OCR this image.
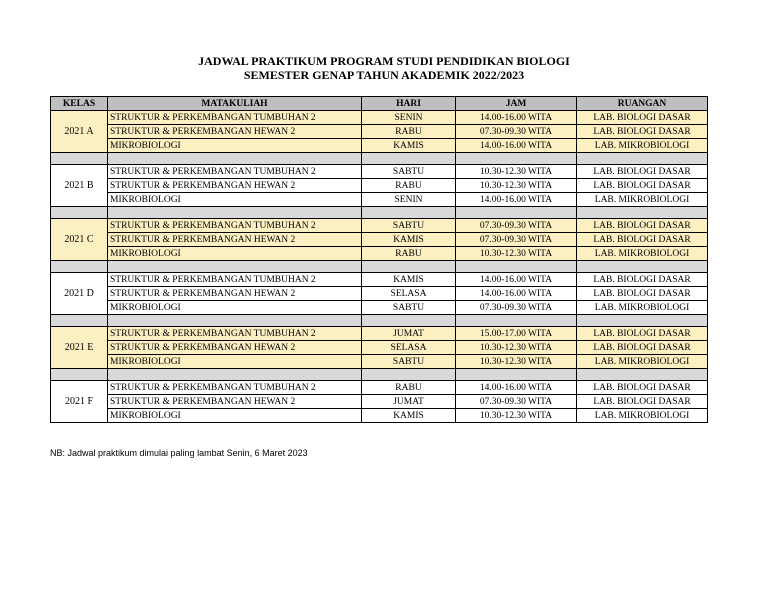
JADWAL PRAKTIKUM PROGRAM STUDI PENDIDIKAN BIOLOGI
SEMESTER GENAP TAHUN AKADEMIK 2022/2023
KELAS	MATAKULIAH	HARI	JAM	RUANGAN
2021 A	STRUKTUR & PERKEMBANGAN TUMBUHAN 2	SENIN	14.00-16.00 WITA	LAB. BIOLOGI DASAR
	STRUKTUR & PERKEMBANGAN HEWAN 2	RABU	07.30-09.30 WITA	LAB. BIOLOGI DASAR
	MIKROBIOLOGI	KAMIS	14.00-16.00 WITA	LAB. MIKROBIOLOGI

2021 B	STRUKTUR & PERKEMBANGAN TUMBUHAN 2	SABTU	10.30-12.30 WITA	LAB. BIOLOGI DASAR
	STRUKTUR & PERKEMBANGAN HEWAN 2	RABU	10.30-12.30 WITA	LAB. BIOLOGI DASAR
	MIKROBIOLOGI	SENIN	14.00-16.00 WITA	LAB. MIKROBIOLOGI

2021 C	STRUKTUR & PERKEMBANGAN TUMBUHAN 2	SABTU	07.30-09.30 WITA	LAB. BIOLOGI DASAR
	STRUKTUR & PERKEMBANGAN HEWAN 2	KAMIS	07.30-09.30 WITA	LAB. BIOLOGI DASAR
	MIKROBIOLOGI	RABU	10.30-12.30 WITA	LAB. MIKROBIOLOGI

2021 D	STRUKTUR & PERKEMBANGAN TUMBUHAN 2	KAMIS	14.00-16.00 WITA	LAB. BIOLOGI DASAR
	STRUKTUR & PERKEMBANGAN HEWAN 2	SELASA	14.00-16.00 WITA	LAB. BIOLOGI DASAR
	MIKROBIOLOGI	SABTU	07.30-09.30 WITA	LAB. MIKROBIOLOGI

2021 E	STRUKTUR & PERKEMBANGAN TUMBUHAN 2	JUMAT	15.00-17.00 WITA	LAB. BIOLOGI DASAR
	STRUKTUR & PERKEMBANGAN HEWAN 2	SELASA	10.30-12.30 WITA	LAB. BIOLOGI DASAR
	MIKROBIOLOGI	SABTU	10.30-12.30 WITA	LAB. MIKROBIOLOGI

2021 F	STRUKTUR & PERKEMBANGAN TUMBUHAN 2	RABU	14.00-16.00 WITA	LAB. BIOLOGI DASAR
	STRUKTUR & PERKEMBANGAN HEWAN 2	JUMAT	07.30-09.30 WITA	LAB. BIOLOGI DASAR
	MIKROBIOLOGI	KAMIS	10.30-12.30 WITA	LAB. MIKROBIOLOGI
NB: Jadwal praktikum dimulai paling lambat Senin, 6 Maret 2023
